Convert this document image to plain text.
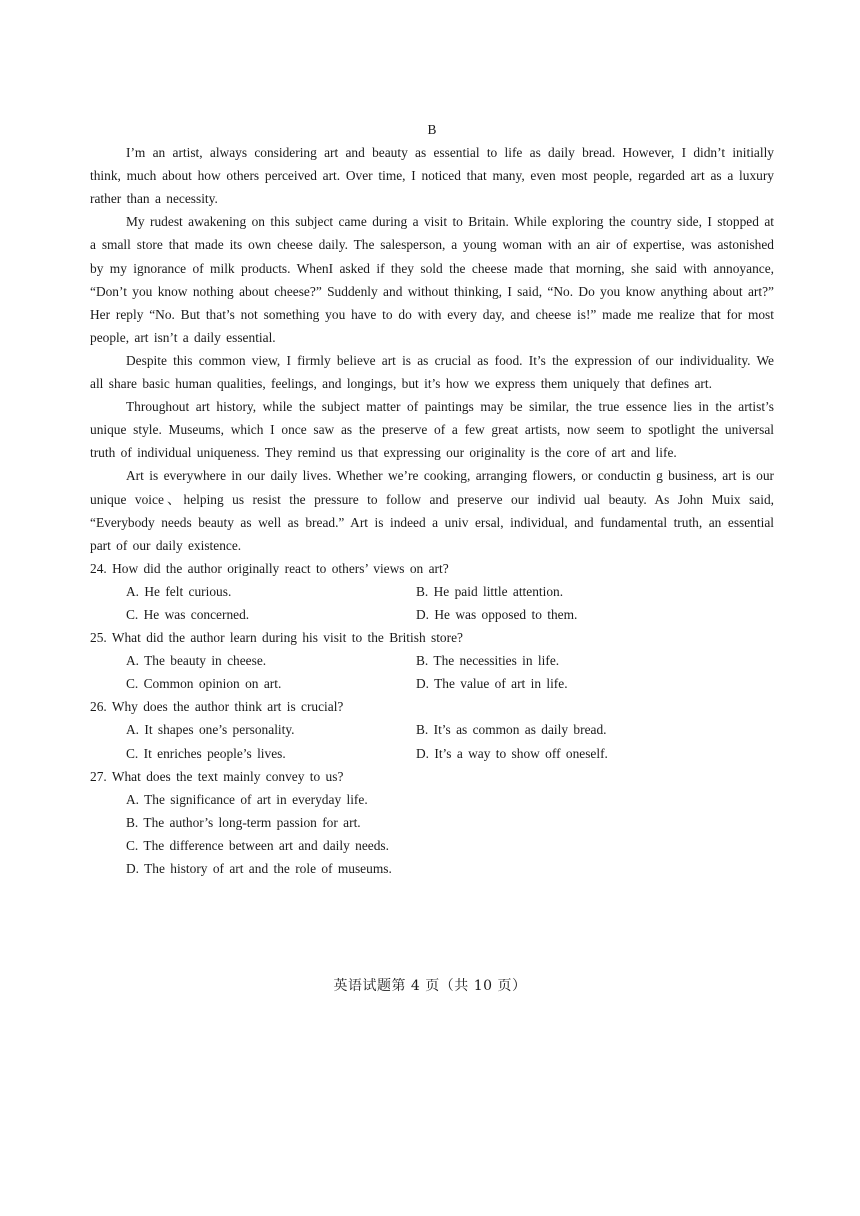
B

I’m an artist, always considering art and beauty as essential to life as daily bread. However, I didn’t initially think, much about how others perceived art. Over time, I noticed that many, even most people, regarded art as a luxury rather than a necessity.

My rudest awakening on this subject came during a visit to Britain. While exploring the country side, I stopped at a small store that made its own cheese daily. The salesperson, a young woman with an air of expertise, was astonished by my ignorance of milk products. WhenI asked if they sold the cheese made that morning, she said with annoyance, “Don’t you know nothing about cheese?” Suddenly and without thinking, I said, “No. Do you know anything about art?” Her reply “No. But that’s not something you have to do with every day, and cheese is!” made me realize that for most people, art isn’t a daily essential.

Despite this common view, I firmly believe art is as crucial as food. It’s the expression of our individuality. We all share basic human qualities, feelings, and longings, but it’s how we express them uniquely that defines art.

Throughout art history, while the subject matter of paintings may be similar, the true essence lies in the artist’s unique style. Museums, which I once saw as the preserve of a few great artists, now seem to spotlight the universal truth of individual uniqueness. They remind us that expressing our originality is the core of art and life.

Art is everywhere in our daily lives. Whether we’re cooking, arranging flowers, or conductin g business, art is our unique voice、helping us resist the pressure to follow and preserve our individ ual beauty. As John Muix said, “Everybody needs beauty as well as bread.” Art is indeed a univ ersal, individual, and fundamental truth, an essential part of our daily existence.

24. How did the author originally react to others’ views on art?

A. He felt curious.	B. He paid little attention.

C. He was concerned.	D. He was opposed to them.

25. What did the author learn during his visit to the British store?

A. The beauty in cheese.	B. The necessities in life.

C. Common opinion on art.	D. The value of art in life.

26. Why does the author think art is crucial?

A. It shapes one’s personality.	B. It’s as common as daily bread.

C. It enriches people’s lives.	D. It’s a way to show off oneself.

27. What does the text mainly convey to us?

A. The significance of art in everyday life.

B. The author’s long-term passion for art.

C. The difference between art and daily needs.

D. The history of art and the role of museums.

英语试题第 4 页（共 10 页）
